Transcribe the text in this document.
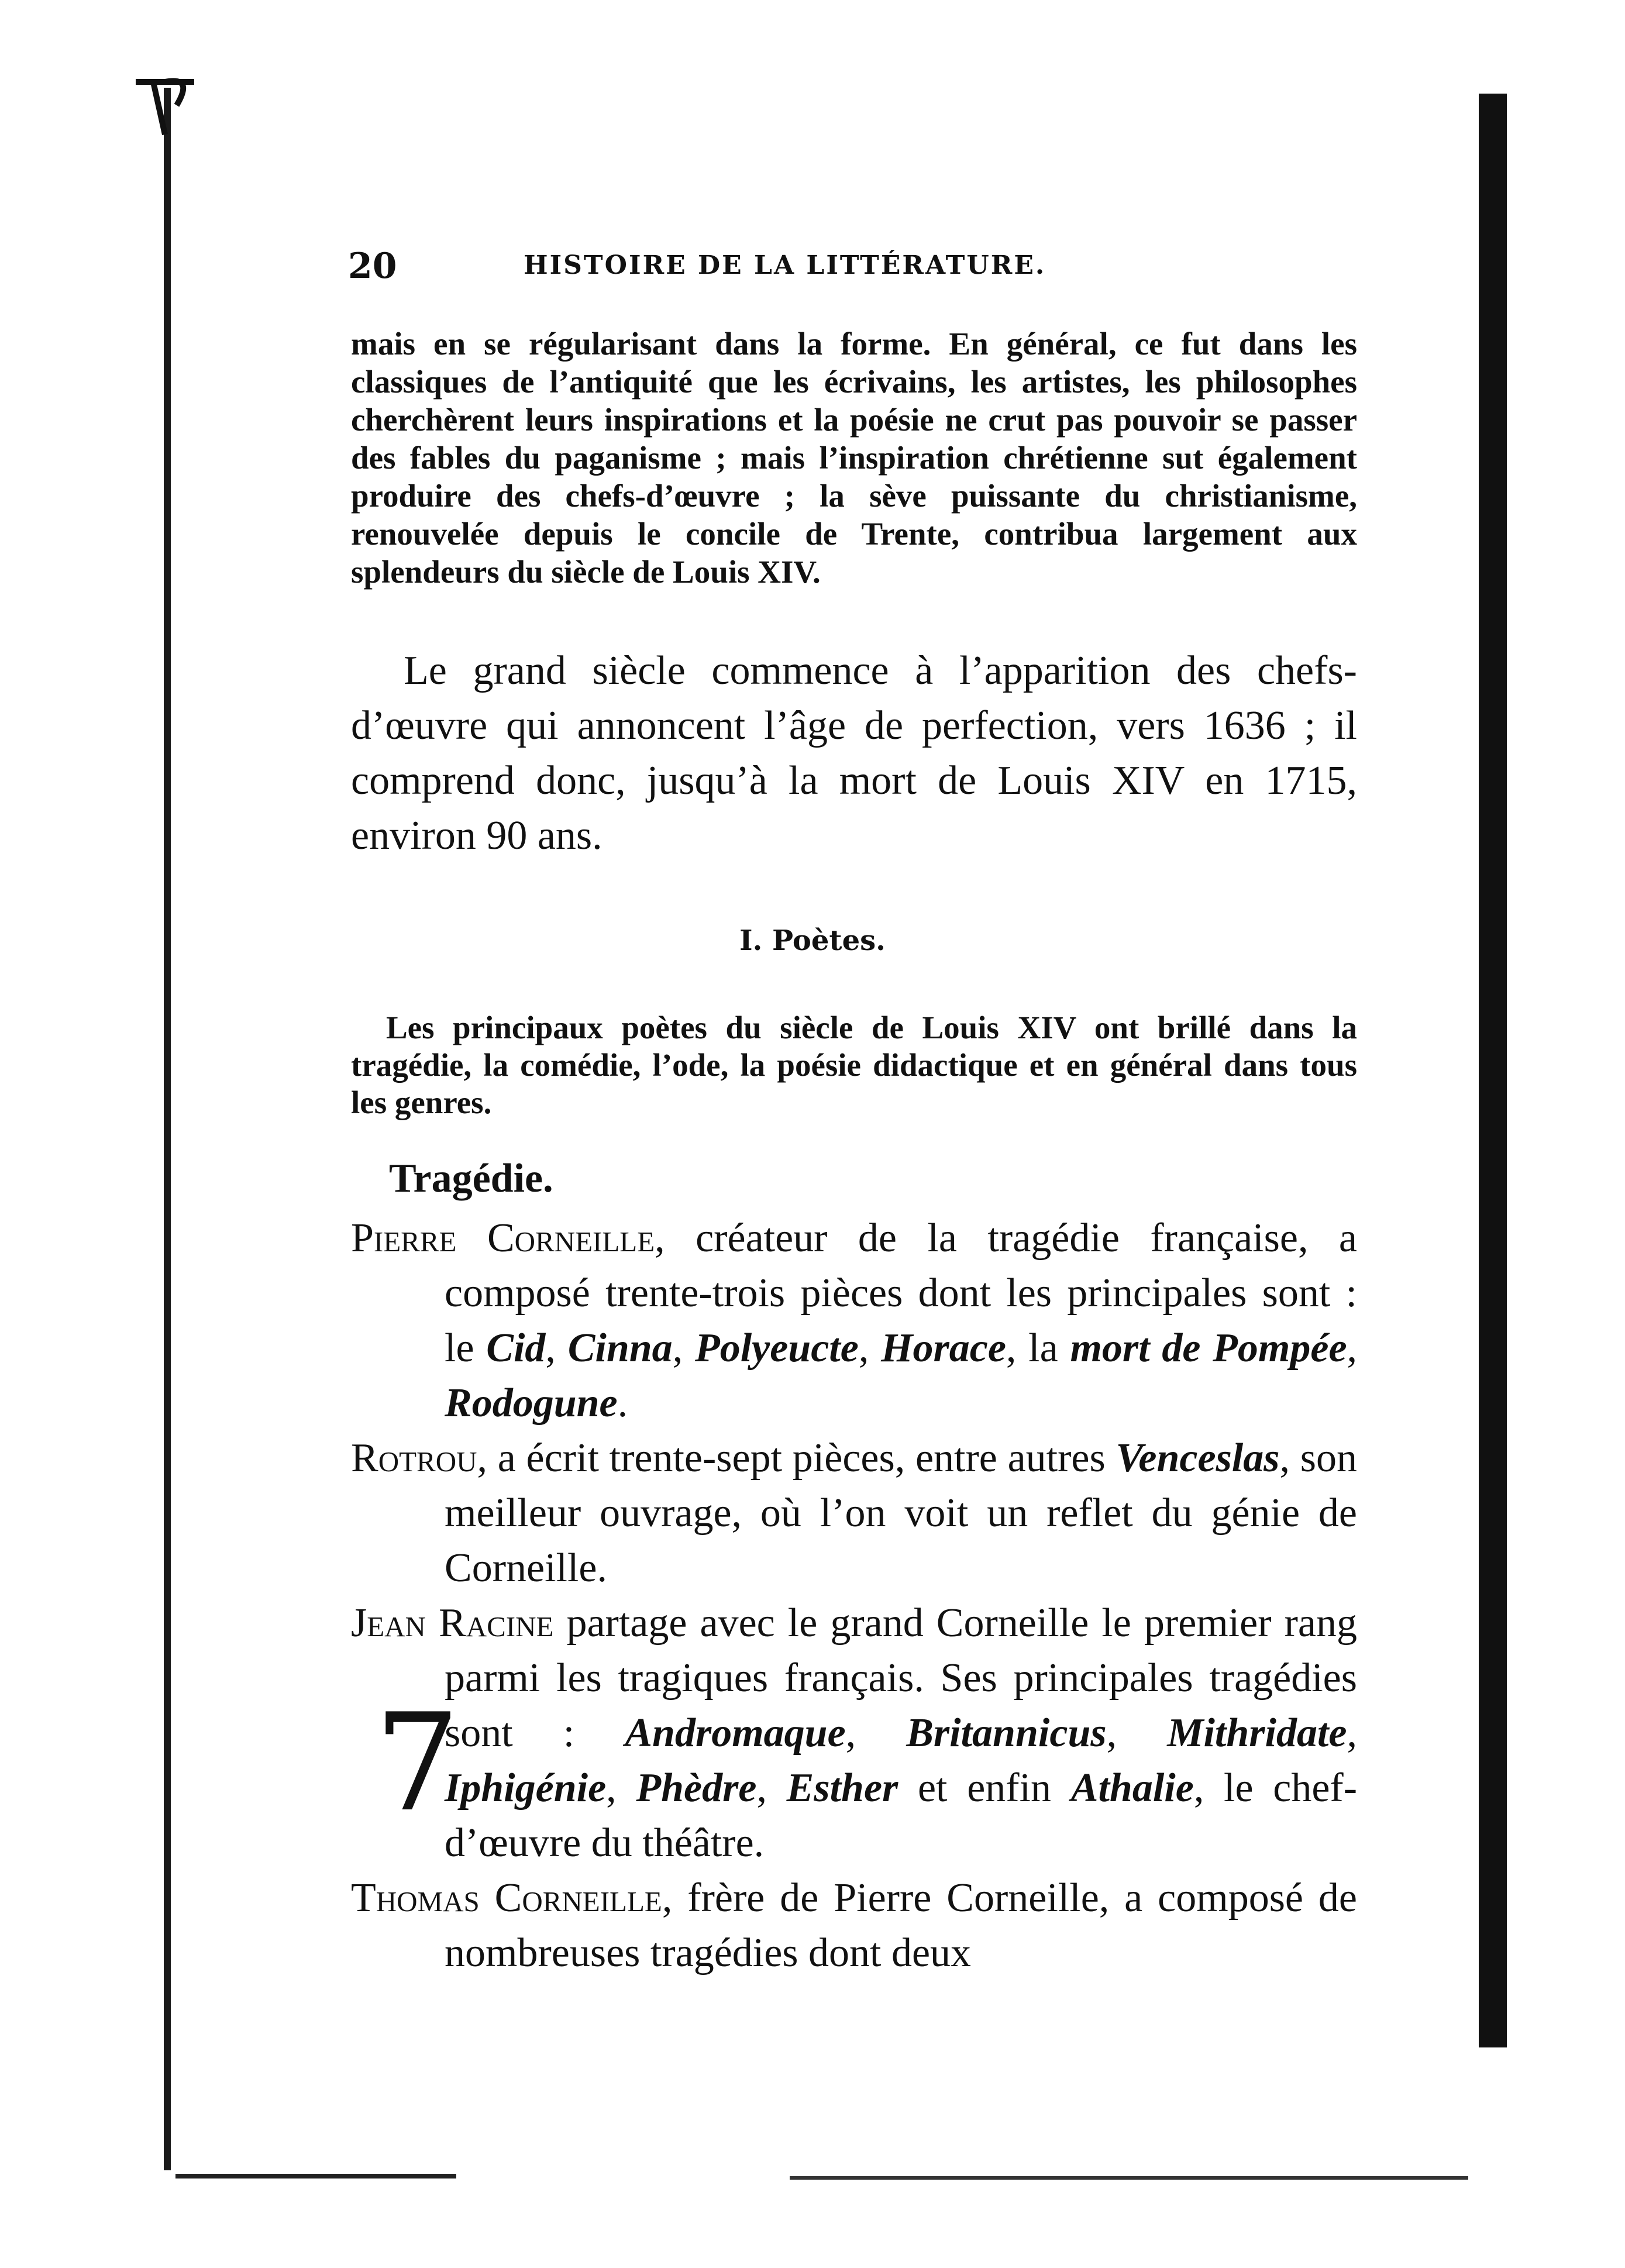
7
20	HISTOIRE DE LA LITTÉRATURE.
mais en se régularisant dans la forme. En général, ce fut dans les classiques de l’antiquité que les écrivains, les artistes, les philosophes cherchèrent leurs inspirations et la poésie ne crut pas pouvoir se passer des fables du paganisme ; mais l’inspiration chrétienne sut également produire des chefs-d’œuvre ; la sève puissante du christianisme, renouvelée depuis le concile de Trente, contribua largement aux splendeurs du siècle de Louis XIV.
Le grand siècle commence à l’apparition des chefs-d’œuvre qui annoncent l’âge de perfection, vers 1636 ; il comprend donc, jusqu’à la mort de Louis XIV en 1715, environ 90 ans.
I. Poètes.
Les principaux poètes du siècle de Louis XIV ont brillé dans la tragédie, la comédie, l’ode, la poésie didactique et en général dans tous les genres.
Tragédie.
Pierre Corneille, créateur de la tragédie française, a composé trente-trois pièces dont les principales sont : le Cid, Cinna, Polyeucte, Horace, la mort de Pompée, Rodogune.
Rotrou, a écrit trente-sept pièces, entre autres Venceslas, son meilleur ouvrage, où l’on voit un reflet du génie de Corneille.
Jean Racine partage avec le grand Corneille le premier rang parmi les tragiques français. Ses principales tragédies sont : Andromaque, Britannicus, Mithridate, Iphigénie, Phèdre, Esther et enfin Athalie, le chef-d’œuvre du théâtre.
Thomas Corneille, frère de Pierre Corneille, a composé de nombreuses tragédies dont deux
